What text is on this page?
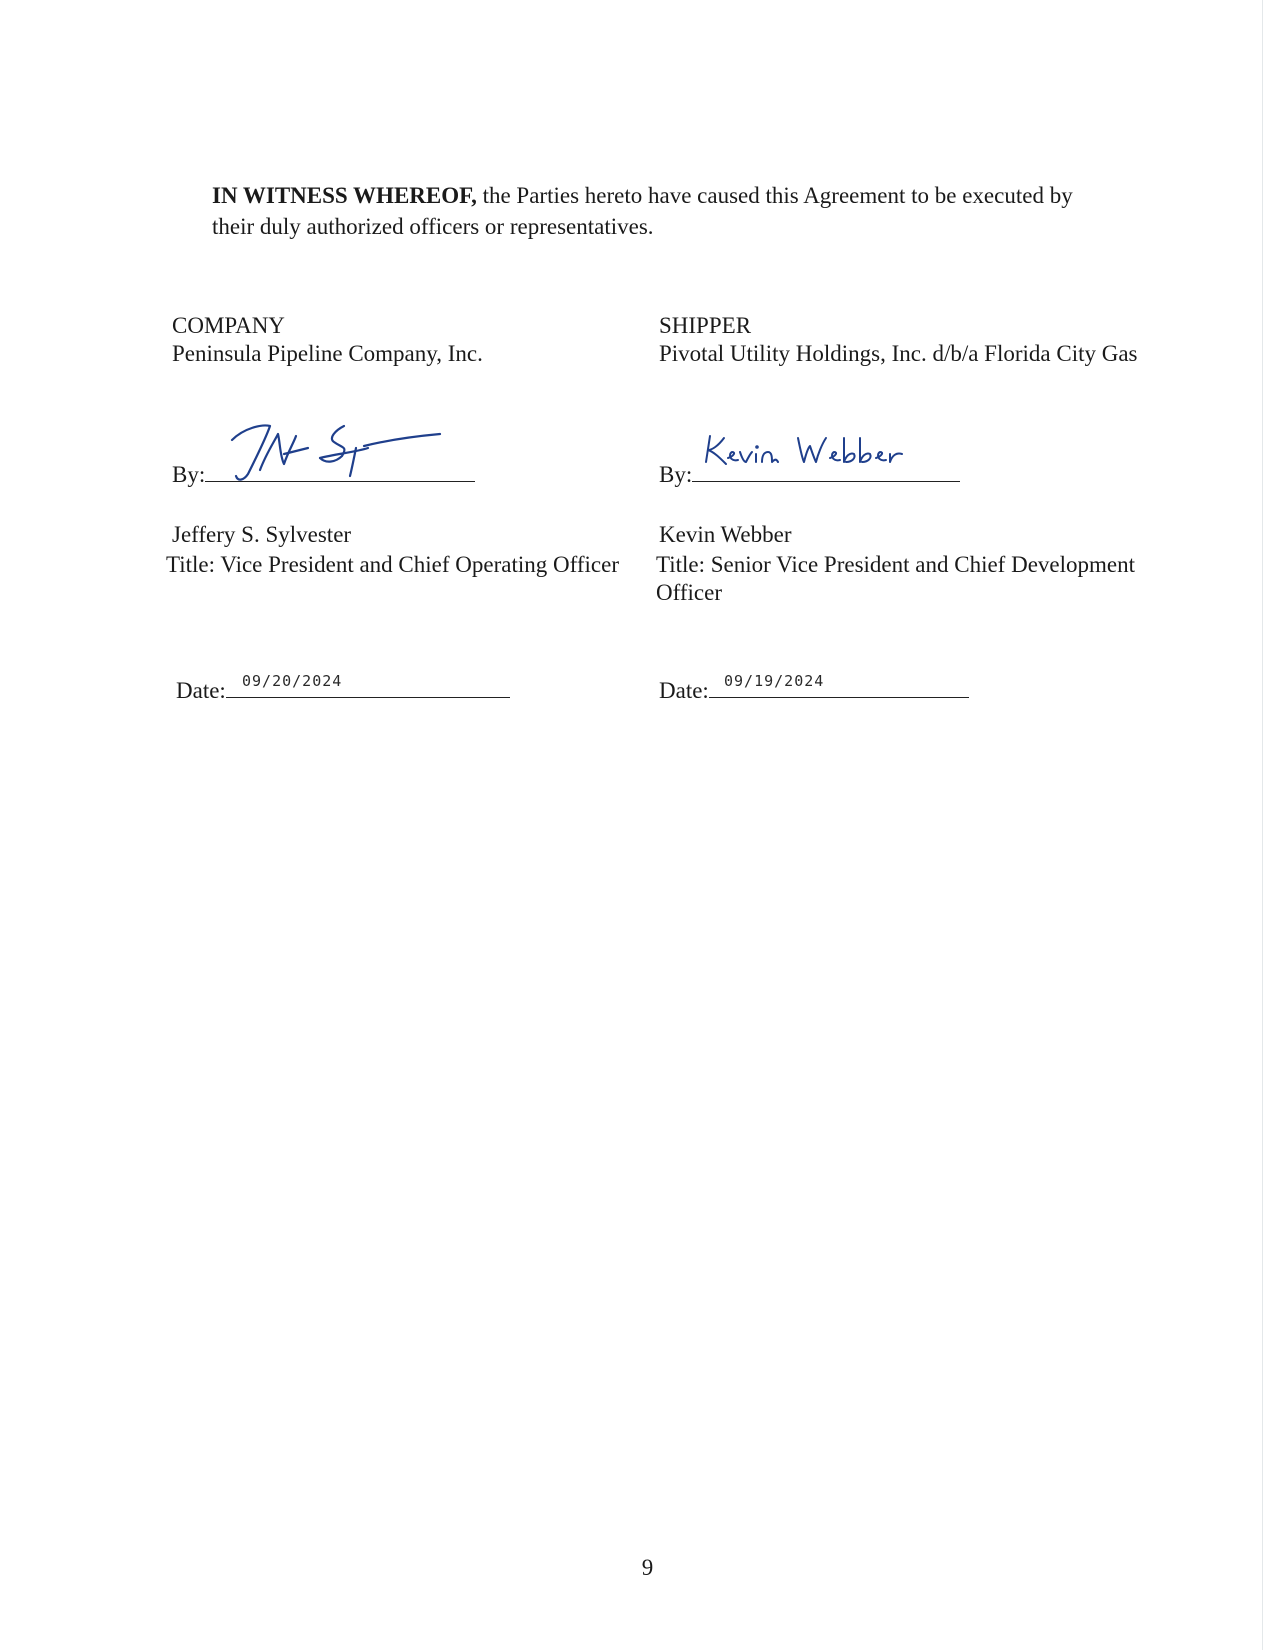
IN WITNESS WHEREOF, the Parties hereto have caused this Agreement to be executed by their duly authorized officers or representatives.
COMPANY
Peninsula Pipeline Company, Inc.
By:
Jeffery S. Sylvester
Title: Vice President and Chief Operating Officer
Date:	09/20/2024
SHIPPER
Pivotal Utility Holdings, Inc. d/b/a Florida City Gas
By:
Kevin Webber
Title: Senior Vice President and Chief Development Officer
Date:	09/19/2024
9
